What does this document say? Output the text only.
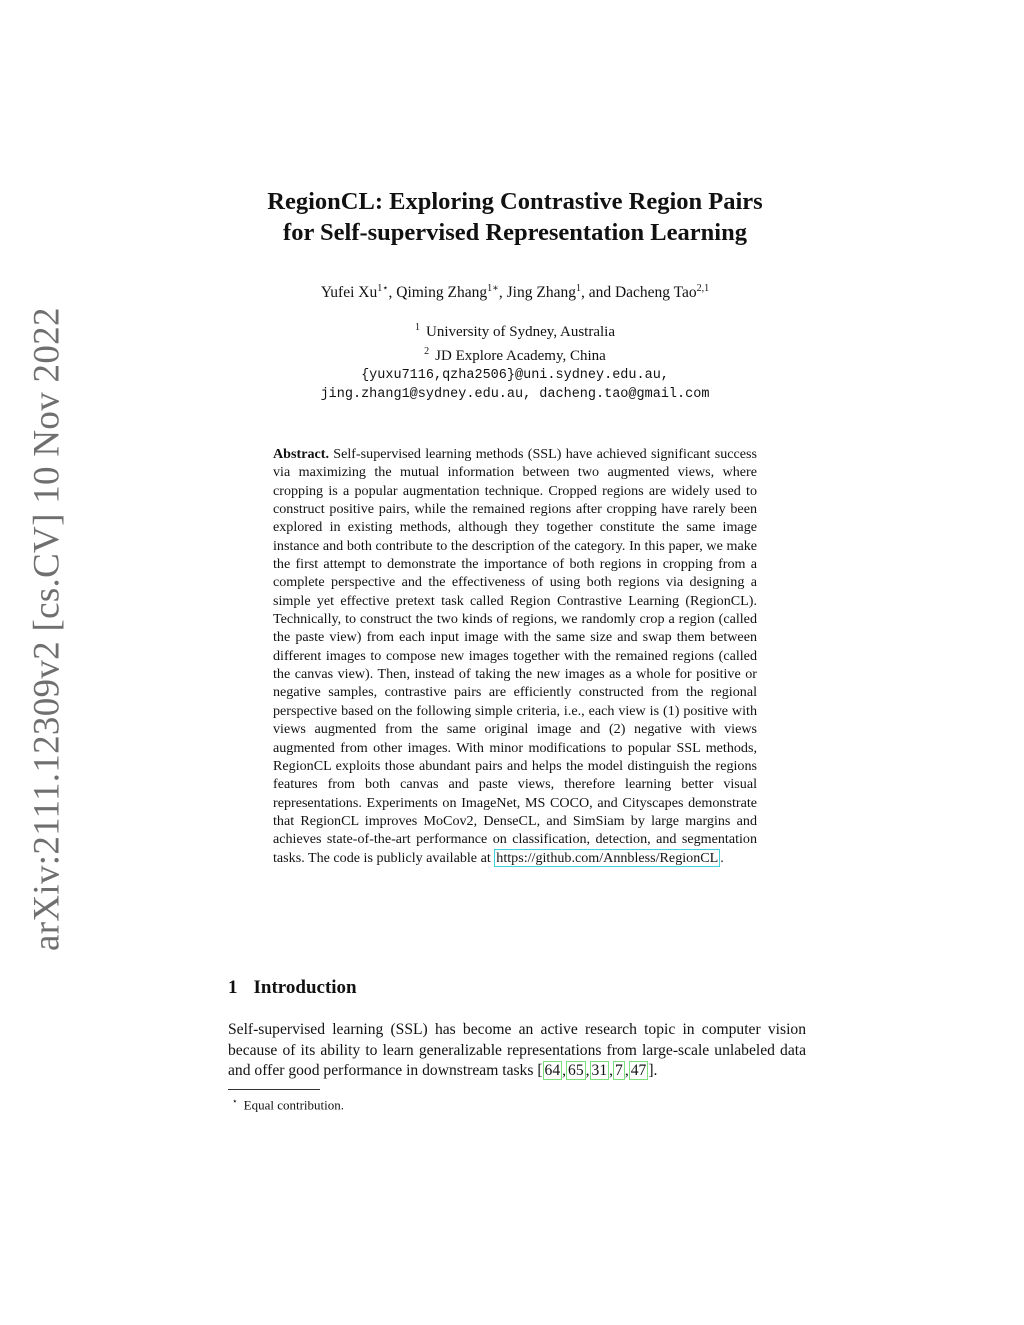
arXiv:2111.12309v2 [cs.CV] 10 Nov 2022
RegionCL: Exploring Contrastive Region Pairs
for Self-supervised Representation Learning
Yufei $Xu^{1⋆}$, Qiming Zhang$^{1∗}$, Jing Zhang$^1$, and Dacheng Tao$^{2,1}$
$^1$ University of Sydney, Australia
$^2$ JD Explore Academy, China
{yuxu7116,qzha2506}@uni.sydney.edu.au,
jing.zhang1@sydney.edu.au, dacheng.tao@gmail.com
Abstract. Self-supervised learning methods (SSL) have achieved significant success via maximizing the mutual information between two augmented views, where cropping is a popular augmentation technique. Cropped regions are widely used to construct positive pairs, while the remained regions after cropping have rarely been explored in existing methods, although they together constitute the same image instance and both contribute to the description of the category. In this paper, we make the first attempt to demonstrate the importance of both regions in cropping from a complete perspective and the effectiveness of using both regions via designing a simple yet effective pretext task called Region Contrastive Learning (RegionCL). Technically, to construct the two kinds of regions, we randomly crop a region (called the paste view) from each input image with the same size and swap them between different images to compose new images together with the remained regions (called the canvas view). Then, instead of taking the new images as a whole for positive or negative samples, contrastive pairs are efficiently constructed from the regional perspective based on the following simple criteria, i.e., each view is (1) positive with views augmented from the same original image and (2) negative with views augmented from other images. With minor modifications to popular SSL methods, RegionCL exploits those abundant pairs and helps the model distinguish the regions features from both canvas and paste views, therefore learning better visual representations. Experiments on ImageNet, MS COCO, and Cityscapes demonstrate that RegionCL improves MoCov2, DenseCL, and SimSiam by large margins and achieves state-of-the-art performance on classification, detection, and segmentation tasks. The code is publicly available at https://github.com/Annbless/RegionCL .
1 Introduction
Self-supervised learning (SSL) has become an active research topic in computer vision because of its ability to learn generalizable representations from large-scale unlabeled data and offer good performance in downstream tasks [ 64 , 65 , 31 , 7 , 47 ].
⋆ Equal contribution.
